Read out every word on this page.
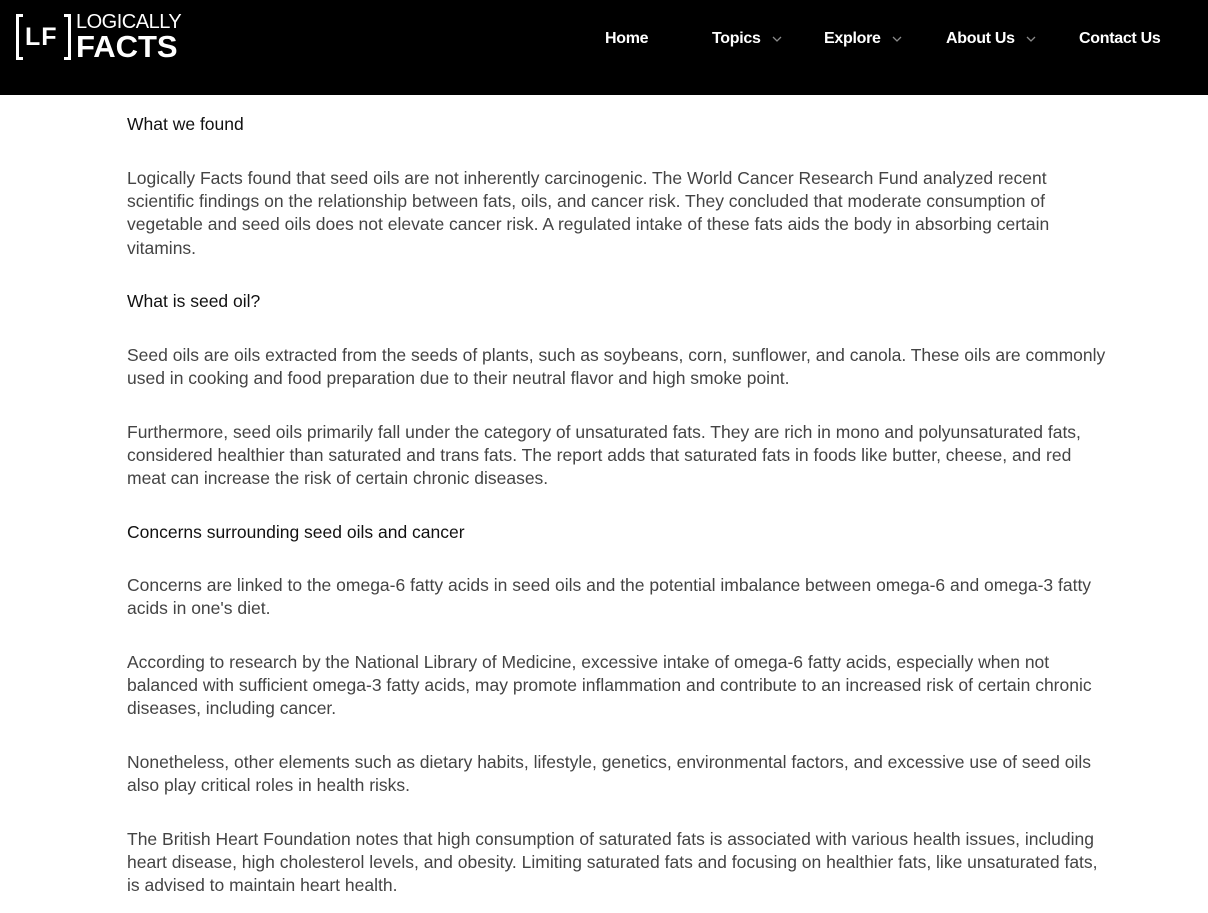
LF
LOGICALLY
FACTS	Home	Topics	Explore	About Us	Contact Us
What we found
Logically Facts found that seed oils are not inherently carcinogenic. The World Cancer Research Fund analyzed recent scientific findings on the relationship between fats, oils, and cancer risk. They concluded that moderate consumption of vegetable and seed oils does not elevate cancer risk. A regulated intake of these fats aids the body in absorbing certain vitamins.
What is seed oil?
Seed oils are oils extracted from the seeds of plants, such as soybeans, corn, sunflower, and canola. These oils are commonly used in cooking and food preparation due to their neutral flavor and high smoke point.
Furthermore, seed oils primarily fall under the category of unsaturated fats. They are rich in mono and polyunsaturated fats, considered healthier than saturated and trans fats. The report adds that saturated fats in foods like butter, cheese, and red meat can increase the risk of certain chronic diseases.
Concerns surrounding seed oils and cancer
Concerns are linked to the omega-6 fatty acids in seed oils and the potential imbalance between omega-6 and omega-3 fatty acids in one's diet.
According to research by the National Library of Medicine, excessive intake of omega-6 fatty acids, especially when not balanced with sufficient omega-3 fatty acids, may promote inflammation and contribute to an increased risk of certain chronic diseases, including cancer.
Nonetheless, other elements such as dietary habits, lifestyle, genetics, environmental factors, and excessive use of seed oils also play critical roles in health risks.
The British Heart Foundation notes that high consumption of saturated fats is associated with various health issues, including heart disease, high cholesterol levels, and obesity. Limiting saturated fats and focusing on healthier fats, like unsaturated fats, is advised to maintain heart health.
